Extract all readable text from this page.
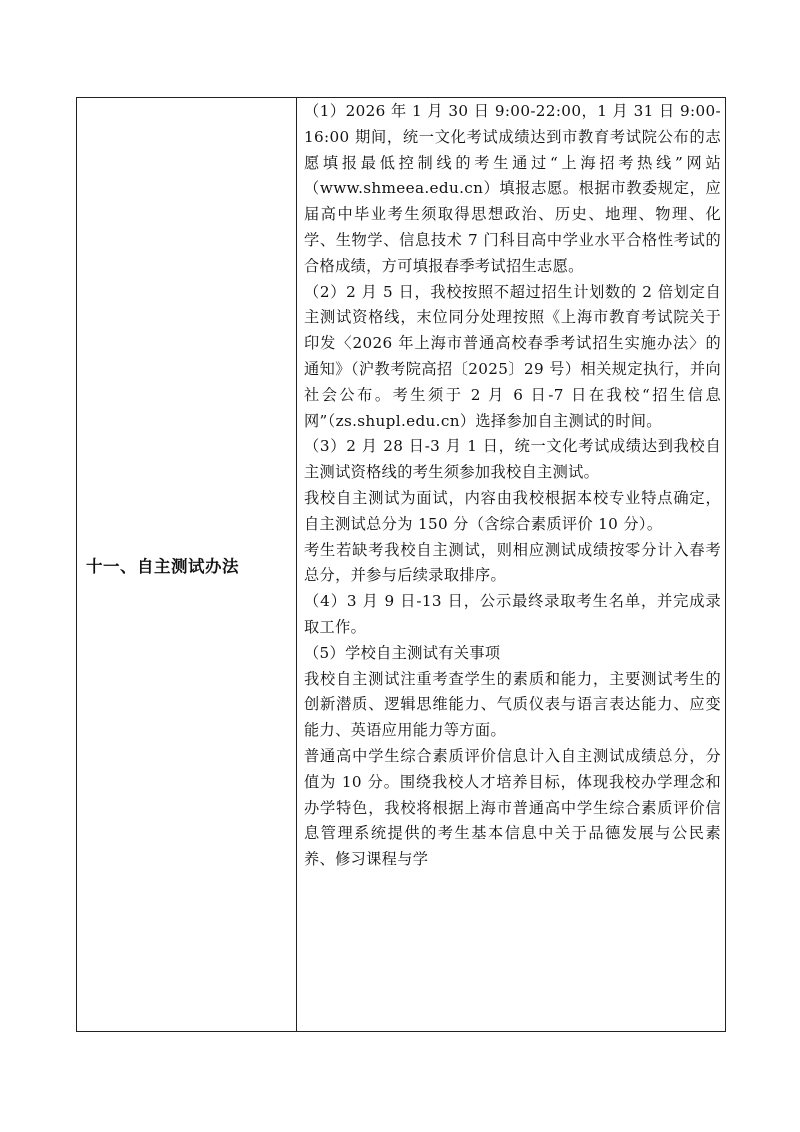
十一、自主测试办法

（1）2026 年 1 月 30 日 9:00-22:00，1 月 31 日 9:00-16:00 期间，统一文化考试成绩达到市教育考试院公布的志愿填报最低控制线的考生通过“上海招考热线”网站（www.shmeea.edu.cn）填报志愿。根据市教委规定，应届高中毕业考生须取得思想政治、历史、地理、物理、化学、生物学、信息技术 7 门科目高中学业水平合格性考试的合格成绩，方可填报春季考试招生志愿。

（2）2 月 5 日，我校按照不超过招生计划数的 2 倍划定自主测试资格线，末位同分处理按照《上海市教育考试院关于印发〈2026 年上海市普通高校春季考试招生实施办法〉的通知》（沪教考院高招〔2025〕29 号）相关规定执行，并向社会公布。考生须于 2 月 6 日-7 日在我校“招生信息网”（zs.shupl.edu.cn）选择参加自主测试的时间。

（3）2 月 28 日-3 月 1 日，统一文化考试成绩达到我校自主测试资格线的考生须参加我校自主测试。

我校自主测试为面试，内容由我校根据本校专业特点确定，自主测试总分为 150 分（含综合素质评价 10 分）。

考生若缺考我校自主测试，则相应测试成绩按零分计入春考总分，并参与后续录取排序。

（4）3 月 9 日-13 日，公示最终录取考生名单，并完成录取工作。

（5）学校自主测试有关事项

我校自主测试注重考查学生的素质和能力，主要测试考生的创新潜质、逻辑思维能力、气质仪表与语言表达能力、应变能力、英语应用能力等方面。

普通高中学生综合素质评价信息计入自主测试成绩总分，分值为 10 分。围绕我校人才培养目标，体现我校办学理念和办学特色，我校将根据上海市普通高中学生综合素质评价信息管理系统提供的考生基本信息中关于品德发展与公民素养、修习课程与学
